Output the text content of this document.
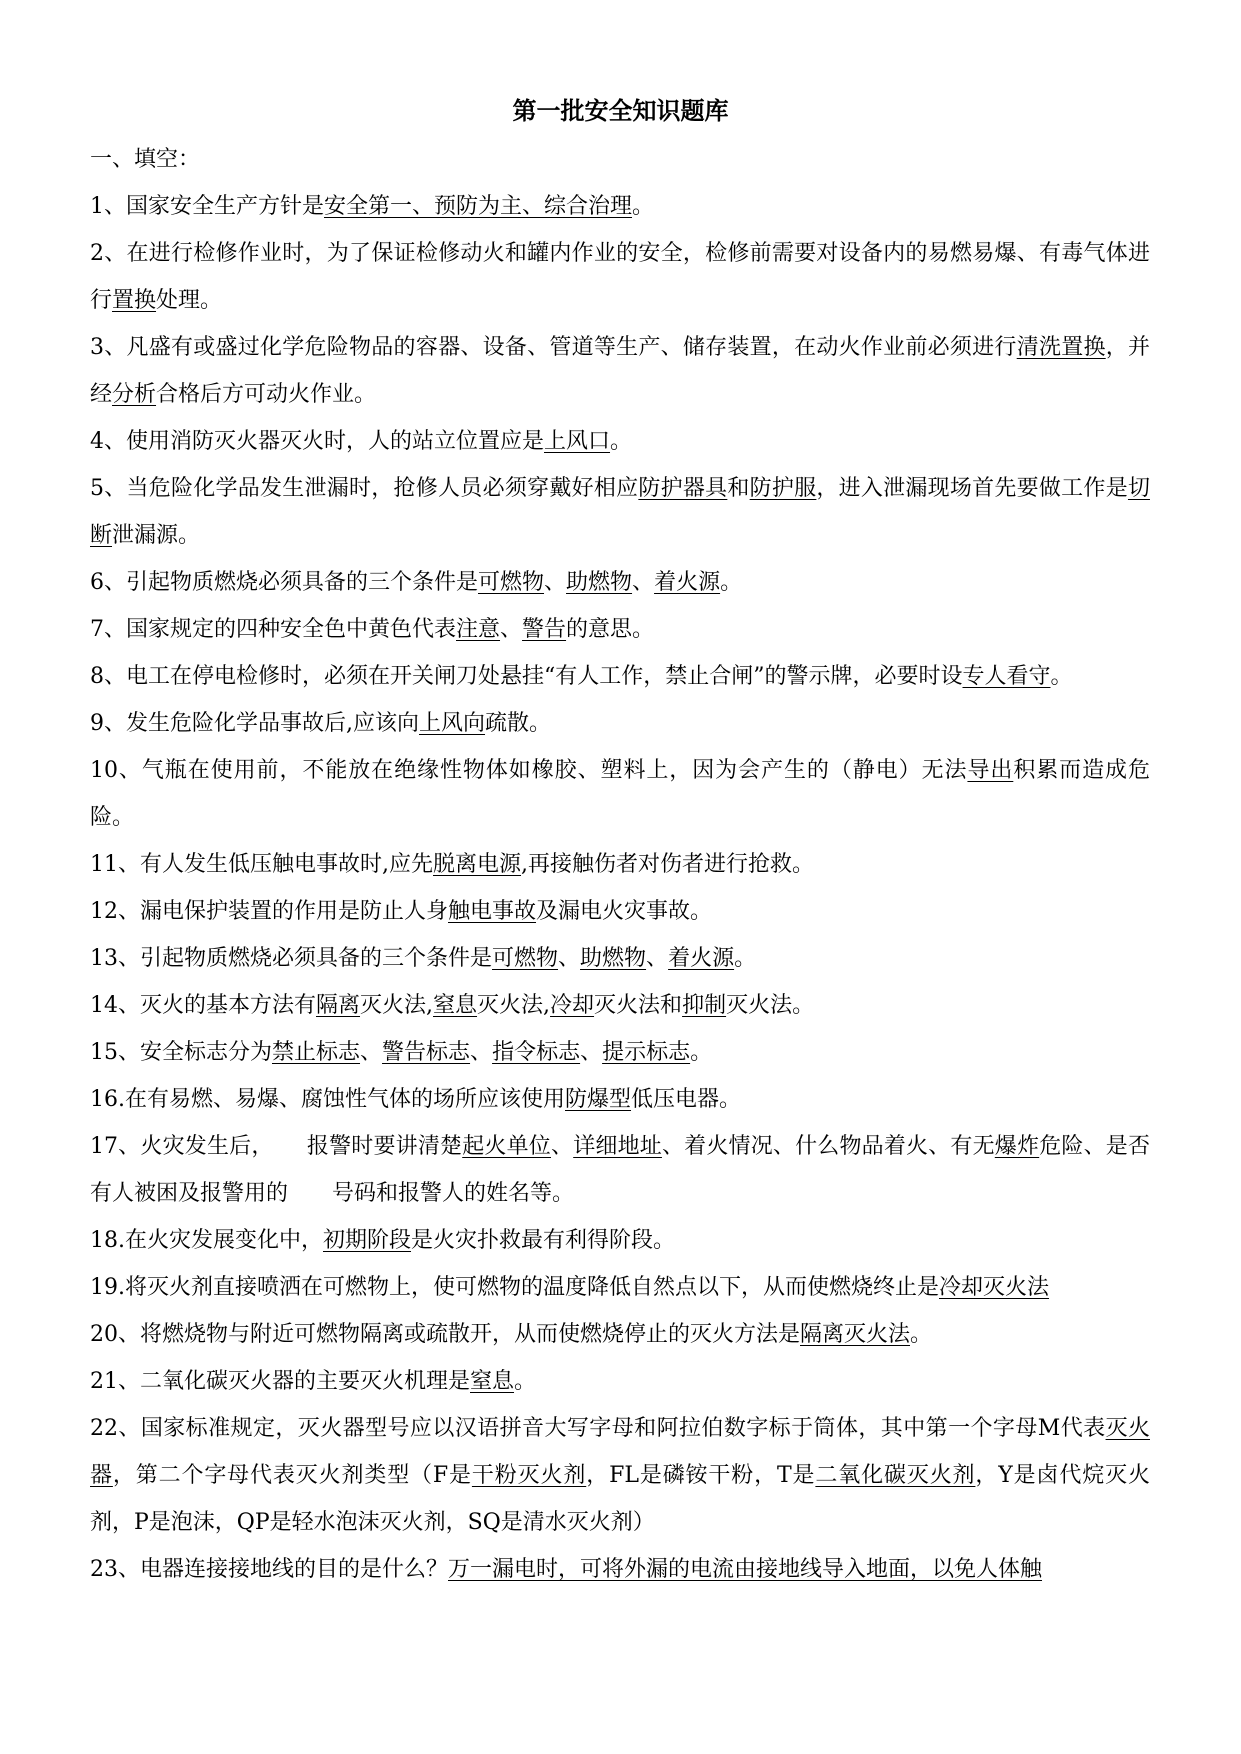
第一批安全知识题库

一、填空：

1、国家安全生产方针是安全第一、预防为主、综合治理。

2、在进行检修作业时，为了保证检修动火和罐内作业的安全，检修前需要对设备内的易燃易爆、有毒气体进行置换处理。

3、凡盛有或盛过化学危险物品的容器、设备、管道等生产、储存装置，在动火作业前必须进行清洗置换，并经分析合格后方可动火作业。

4、使用消防灭火器灭火时，人的站立位置应是上风口。

5、当危险化学品发生泄漏时，抢修人员必须穿戴好相应防护器具和防护服，进入泄漏现场首先要做工作是切断泄漏源。

6、引起物质燃烧必须具备的三个条件是可燃物、助燃物、着火源。

7、国家规定的四种安全色中黄色代表注意、警告的意思。

8、电工在停电检修时，必须在开关闸刀处悬挂“有人工作，禁止合闸”的警示牌，必要时设专人看守。

9、发生危险化学品事故后,应该向上风向疏散。

10、气瓶在使用前，不能放在绝缘性物体如橡胶、塑料上，因为会产生的（静电）无法导出积累而造成危险。

11、有人发生低压触电事故时,应先脱离电源,再接触伤者对伤者进行抢救。

12、漏电保护装置的作用是防止人身触电事故及漏电火灾事故。

13、引起物质燃烧必须具备的三个条件是可燃物、助燃物、着火源。

14、灭火的基本方法有隔离灭火法,窒息灭火法,冷却灭火法和抑制灭火法。

15、安全标志分为禁止标志、警告标志、指令标志、提示标志。

16.在有易燃、易爆、腐蚀性气体的场所应该使用防爆型低压电器。

17、火灾发生后，　　报警时要讲清楚起火单位、详细地址、着火情况、什么物品着火、有无爆炸危险、是否有人被困及报警用的　　号码和报警人的姓名等。

18.在火灾发展变化中，初期阶段是火灾扑救最有利得阶段。

19.将灭火剂直接喷洒在可燃物上，使可燃物的温度降低自然点以下，从而使燃烧终止是冷却灭火法

20、将燃烧物与附近可燃物隔离或疏散开，从而使燃烧停止的灭火方法是隔离灭火法。

21、二氧化碳灭火器的主要灭火机理是窒息。

22、国家标准规定，灭火器型号应以汉语拼音大写字母和阿拉伯数字标于筒体，其中第一个字母M代表灭火器，第二个字母代表灭火剂类型（F是干粉灭火剂，FL是磷铵干粉，T是二氧化碳灭火剂，Y是卤代烷灭火剂，P是泡沫，QP是轻水泡沫灭火剂，SQ是清水灭火剂）

23、电器连接接地线的目的是什么？万一漏电时，可将外漏的电流由接地线导入地面，以免人体触
